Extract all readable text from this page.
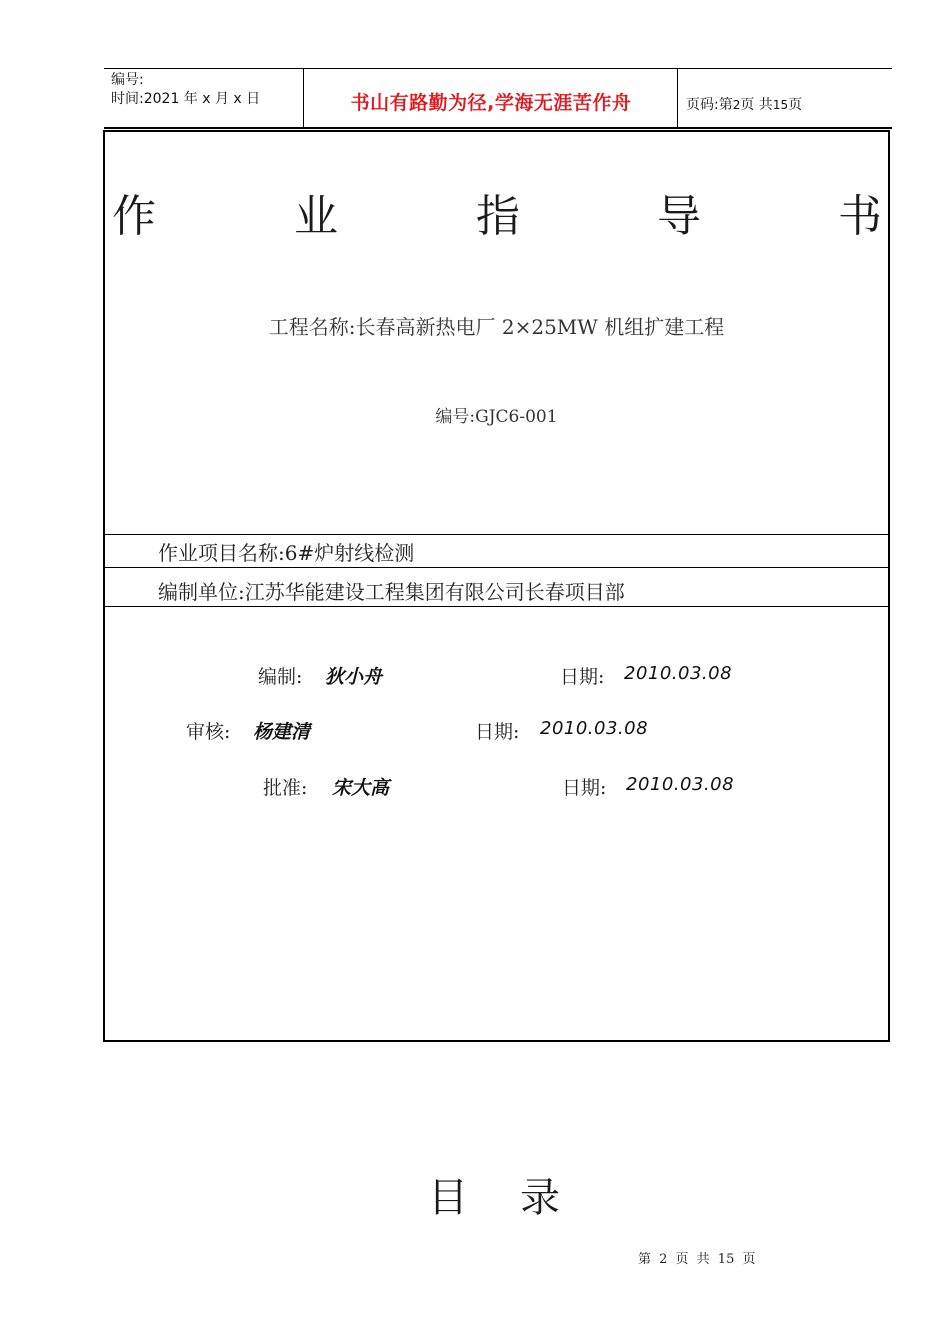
编号:
时间:2021 年 x 月 x 日	书山有路勤为径,学海无涯苦作舟	页码:第2页 共15页
作	业	指	导	书
工程名称:长春高新热电厂 2×25MW 机组扩建工程
编号:GJC6-001
作业项目名称:6#炉射线检测
编制单位:江苏华能建设工程集团有限公司长春项目部
编制: 狄小舟	日期: 2010.03.08
审核: 杨建清	日期: 2010.03.08
批准: 宋大高	日期: 2010.03.08
目录
第 2 页 共 15 页
